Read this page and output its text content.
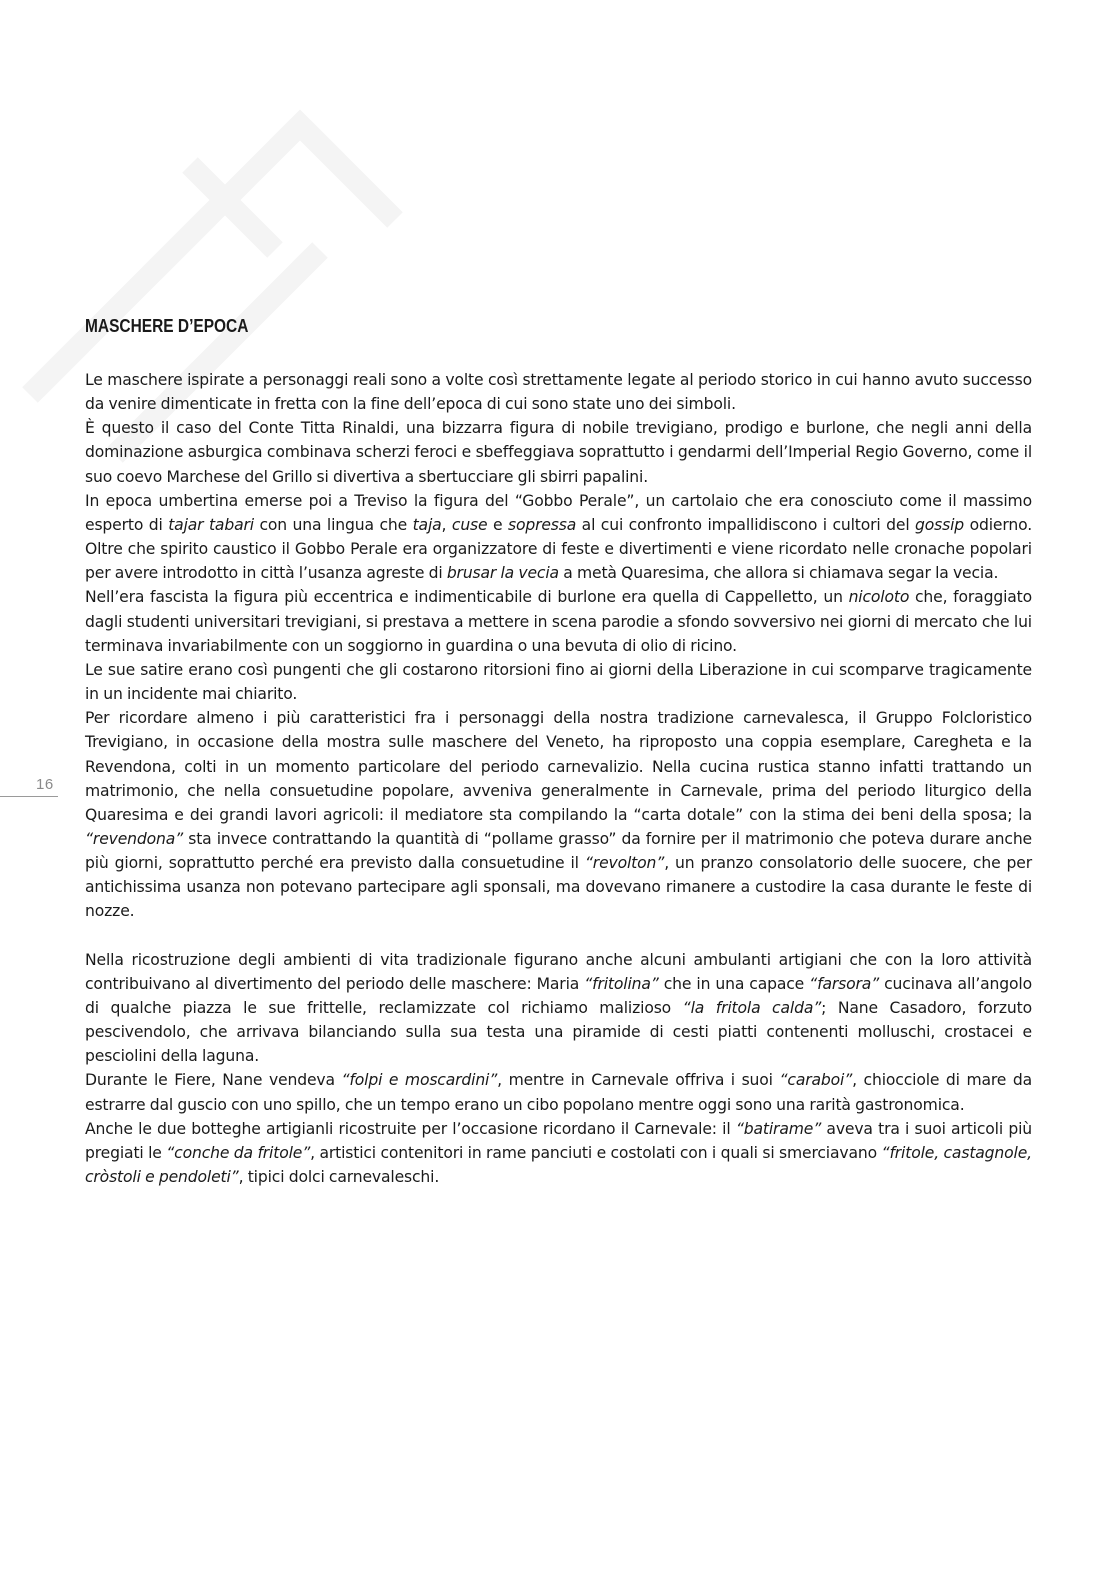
MASCHERE D’EPOCA

Le maschere ispirate a personaggi reali sono a volte così strettamente legate al periodo storico in cui hanno avuto successo da venire dimenticate in fretta con la fine dell’epoca di cui sono state uno dei simboli.

È questo il caso del Conte Titta Rinaldi, una bizzarra figura di nobile trevigiano, prodigo e burlone, che negli anni della dominazione asburgica combinava scherzi feroci e sbeffeggiava soprattutto i gendarmi dell’Imperial Regio Governo, come il suo coevo Marchese del Grillo si divertiva a sbertucciare gli sbirri papalini.

In epoca umbertina emerse poi a Treviso la figura del “Gobbo Perale”, un cartolaio che era conosciuto come il massimo esperto di tajar tabari con una lingua che taja, cuse e sopressa al cui confronto impallidiscono i cultori del gossip odierno. Oltre che spirito caustico il Gobbo Perale era organizzatore di feste e divertimenti e viene ricordato nelle cronache popolari per avere introdotto in città l’usanza agreste di brusar la vecia a metà Quaresima, che allora si chiamava segar la vecia.

Nell’era fascista la figura più eccentrica e indimenticabile di burlone era quella di Cappelletto, un nicoloto che, foraggiato dagli studenti universitari trevigiani, si prestava a mettere in scena parodie a sfondo sovversivo nei giorni di mercato che lui terminava invariabilmente con un soggiorno in guardina o una bevuta di olio di ricino.

Le sue satire erano così pungenti che gli costarono ritorsioni fino ai giorni della Liberazione in cui scomparve tragicamente in un incidente mai chiarito.

Per ricordare almeno i più caratteristici fra i personaggi della nostra tradizione carnevalesca, il Gruppo Folcloristico Trevigiano, in occasione della mostra sulle maschere del Veneto, ha riproposto una coppia esemplare, Caregheta e la Revendona, colti in un momento particolare del periodo carnevalizio. Nella cucina rustica stanno infatti trattando un matrimonio, che nella consuetudine popolare, avveniva generalmente in Carnevale, prima del periodo liturgico della Quaresima e dei grandi lavori agricoli: il mediatore sta compilando la “carta dotale” con la stima dei beni della sposa; la “revendona” sta invece contrattando la quantità di “pollame grasso” da fornire per il matrimonio che poteva durare anche più giorni, soprattutto perché era previsto dalla consuetudine il “revolton”, un pranzo consolatorio delle suocere, che per antichissima usanza non potevano partecipare agli sponsali, ma dovevano rimanere a custodire la casa durante le feste di nozze.

Nella ricostruzione degli ambienti di vita tradizionale figurano anche alcuni ambulanti artigiani che con la loro attività contribuivano al divertimento del periodo delle maschere: Maria “fritolina” che in una capace “farsora” cucinava all’angolo di qualche piazza le sue frittelle, reclamizzate col richiamo malizioso “la fritola calda”; Nane Casadoro, forzuto pescivendolo, che arrivava bilanciando sulla sua testa una piramide di cesti piatti contenenti molluschi, crostacei e pesciolini della laguna.

Durante le Fiere, Nane vendeva “folpi e moscardini”, mentre in Carnevale offriva i suoi “caraboi”, chiocciole di mare da estrarre dal guscio con uno spillo, che un tempo erano un cibo popolano mentre oggi sono una rarità gastronomica.

Anche le due botteghe artigianli ricostruite per l’occasione ricordano il Carnevale: il “batirame” aveva tra i suoi articoli più pregiati le “conche da fritole”, artistici contenitori in rame panciuti e costolati con i quali si smerciavano “fritole, castagnole, cròstoli e pendoleti”, tipici dolci carnevaleschi.

16
